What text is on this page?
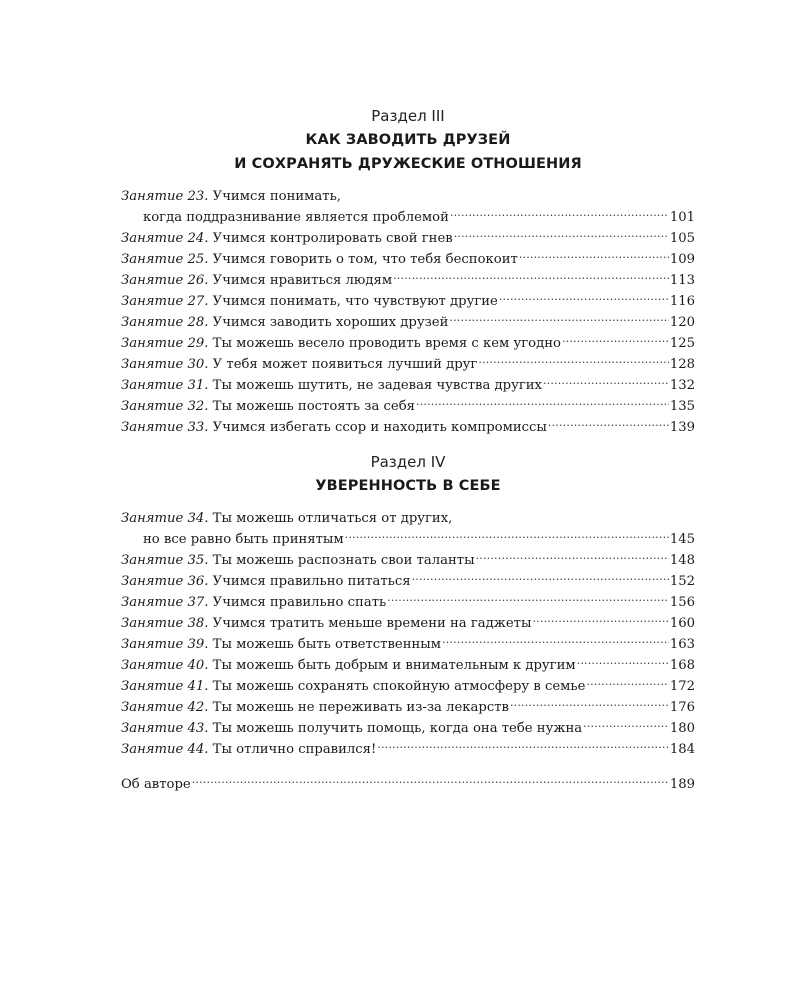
Раздел III
КАК ЗАВОДИТЬ ДРУЗЕЙ
И СОХРАНЯТЬ ДРУЖЕСКИЕ ОТНОШЕНИЯ
Занятие 23. Учимся понимать,
когда поддразнивание является проблемой .....	101
Занятие 24. Учимся контролировать свой гнев .....	105
Занятие 25. Учимся говорить о том, что тебя беспокоит .....	109
Занятие 26. Учимся нравиться людям .....	113
Занятие 27. Учимся понимать, что чувствуют другие .....	116
Занятие 28. Учимся заводить хороших друзей .....	120
Занятие 29. Ты можешь весело проводить время с кем угодно .....	125
Занятие 30. У тебя может появиться лучший друг .....	128
Занятие 31. Ты можешь шутить, не задевая чувства других .....	132
Занятие 32. Ты можешь постоять за себя .....	135
Занятие 33. Учимся избегать ссор и находить компромиссы .....	139
Раздел IV
УВЕРЕННОСТЬ В СЕБЕ
Занятие 34. Ты можешь отличаться от других,
но все равно быть принятым .....	145
Занятие 35. Ты можешь распознать свои таланты .....	148
Занятие 36. Учимся правильно питаться .....	152
Занятие 37. Учимся правильно спать .....	156
Занятие 38. Учимся тратить меньше времени на гаджеты .....	160
Занятие 39. Ты можешь быть ответственным .....	163
Занятие 40. Ты можешь быть добрым и внимательным к другим .....	168
Занятие 41. Ты можешь сохранять спокойную атмосферу в семье .....	172
Занятие 42. Ты можешь не переживать из-за лекарств .....	176
Занятие 43. Ты можешь получить помощь, когда она тебе нужна .....	180
Занятие 44. Ты отлично справился! .....	184
Об авторе .....	189
